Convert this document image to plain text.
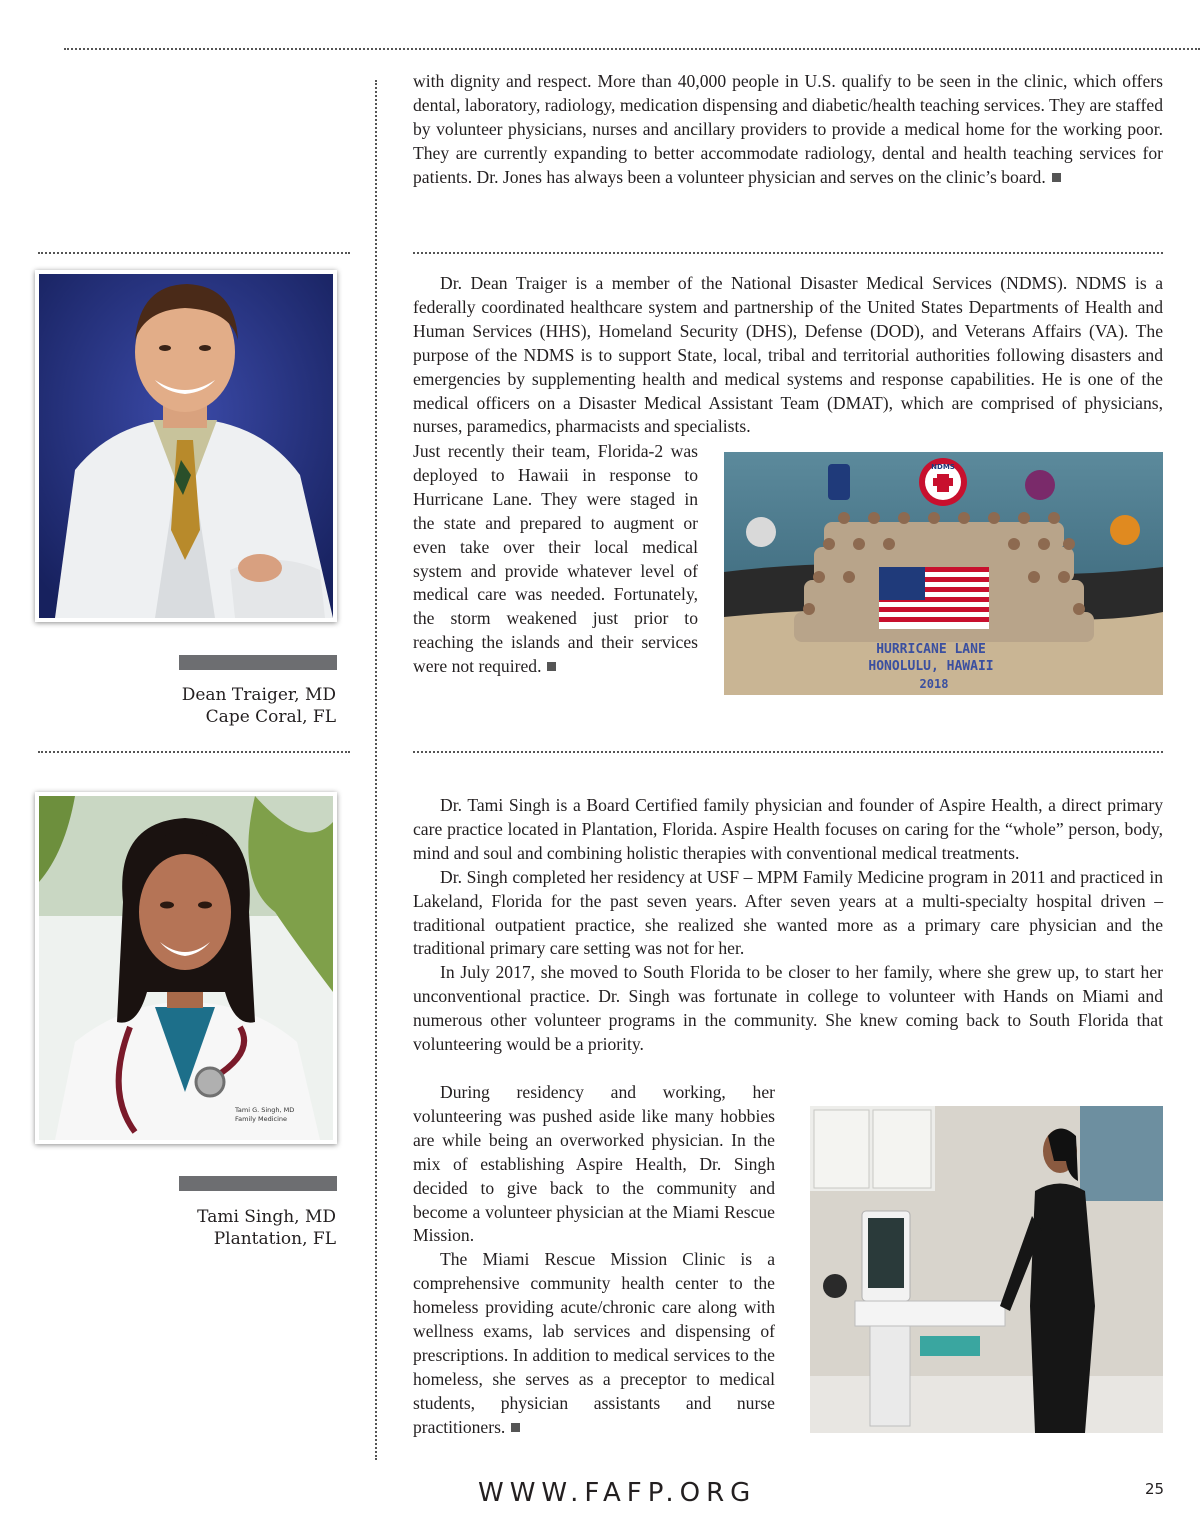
with dignity and respect. More than 40,000 people in U.S. qualify to be seen in the clinic, which offers dental, laboratory, radiology, medication dispensing and diabetic/health teaching services. They are staffed by volunteer physicians, nurses and ancillary providers to provide a medical home for the working poor. They are currently expanding to better accommodate radiology, dental and health teaching services for patients. Dr. Jones has always been a volunteer physician and serves on the clinic’s board.

Dean Traiger, MD
Cape Coral, FL

Dr. Dean Traiger is a member of the National Disaster Medical Services (NDMS). NDMS is a federally coordinated healthcare system and partnership of the United States Departments of Health and Human Services (HHS), Homeland Security (DHS), Defense (DOD), and Veterans Affairs (VA). The purpose of the NDMS is to support State, local, tribal and territorial authorities following disasters and emergencies by supplementing health and medical systems and response capabilities. He is one of the medical officers on a Disaster Medical Assistant Team (DMAT), which are comprised of physicians, nurses, paramedics, pharmacists and specialists.

Just recently their team, Florida-2 was deployed to Hawaii in response to Hurricane Lane. They were staged in the state and prepared to augment or even take over their local medical system and provide whatever level of medical care was needed. Fortunately, the storm weakened just prior to reaching the islands and their services were not required.

NDMS
HURRICANE LANE
HONOLULU, HAWAII
2018
Tami G. Singh, MD
Family Medicine
Tami Singh, MD
Plantation, FL

Dr. Tami Singh is a Board Certified family physician and founder of Aspire Health, a direct primary care practice located in Plantation, Florida. Aspire Health focuses on caring for the “whole” person, body, mind and soul and combining holistic therapies with conventional medical treatments.

Dr. Singh completed her residency at USF – MPM Family Medicine program in 2011 and practiced in Lakeland, Florida for the past seven years. After seven years at a multi-specialty hospital driven –traditional outpatient practice, she realized she wanted more as a primary care physician and the traditional primary care setting was not for her.

In July 2017, she moved to South Florida to be closer to her family, where she grew up, to start her unconventional practice. Dr. Singh was fortunate in college to volunteer with Hands on Miami and numerous other volunteer programs in the community. She knew coming back to South Florida that volunteering would be a priority.

During residency and working, her volunteering was pushed aside like many hobbies are while being an overworked physician. In the mix of establishing Aspire Health, Dr. Singh decided to give back to the community and become a volunteer physician at the Miami Rescue Mission.

The Miami Rescue Mission Clinic is a comprehensive community health center to the homeless providing acute/chronic care along with wellness exams, lab services and dispensing of prescriptions. In addition to medical services to the homeless, she serves as a preceptor to medical students, physician assistants and nurse practitioners.

WWW.FAFP.ORG	25
